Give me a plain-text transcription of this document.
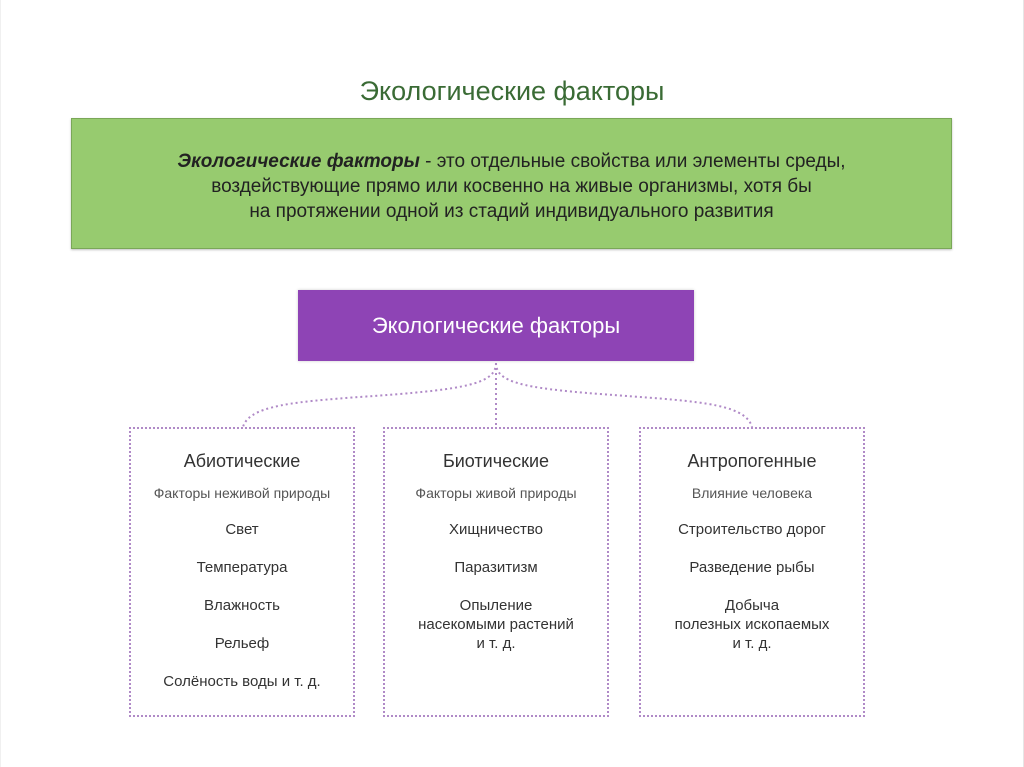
Экологические факторы
Экологические факторы - это отдельные свойства или элементы среды,
воздействующие прямо или косвенно на живые организмы, хотя бы
на протяжении одной из стадий индивидуального развития
Экологические факторы
Абиотические
Факторы неживой природы
Свет
Температура
Влажность
Рельеф
Солёность воды и т. д.
Биотические
Факторы живой природы
Хищничество
Паразитизм
Опыление
насекомыми растений
и т. д.
Антропогенные
Влияние человека
Строительство дорог
Разведение рыбы
Добыча
полезных ископаемых
и т. д.
